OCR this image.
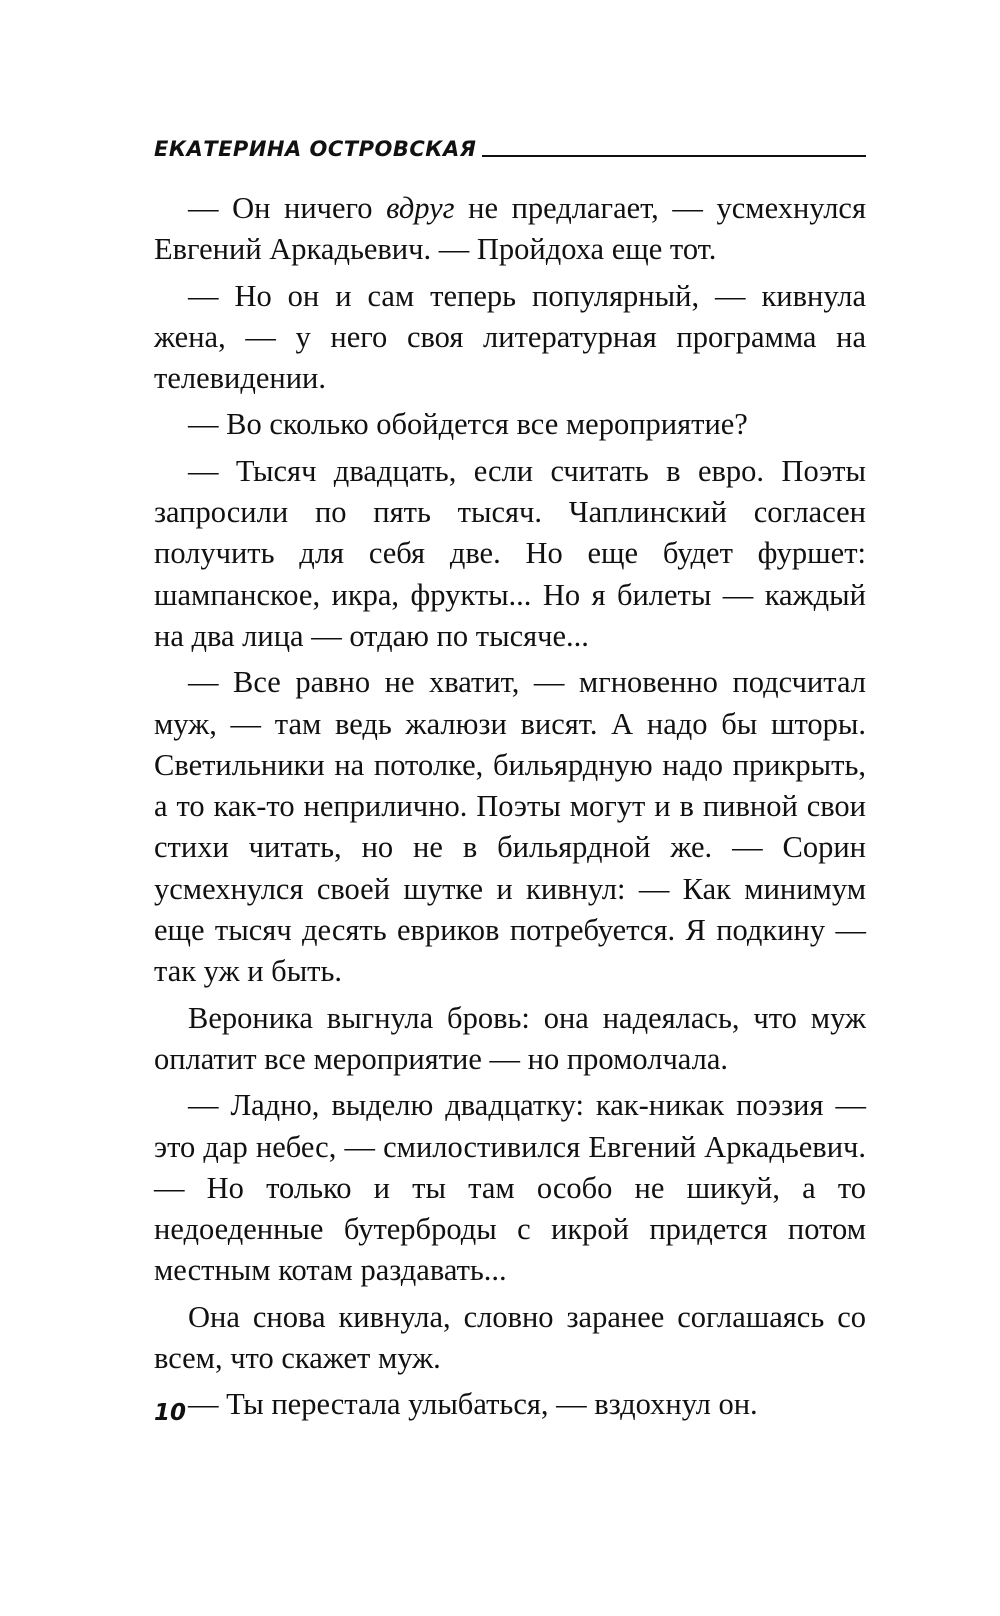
ЕКАТЕРИНА ОСТРОВСКАЯ

— Он ничего вдруг не предлагает, — усмехнулся Евгений Аркадьевич. — Пройдоха еще тот.

— Но он и сам теперь популярный, — кивнула жена, — у него своя литературная программа на телевидении.

— Во сколько обойдется все мероприятие?

— Тысяч двадцать, если считать в евро. Поэты запросили по пять тысяч. Чаплинский согласен получить для себя две. Но еще будет фуршет: шампанское, икра, фрукты... Но я билеты — каждый на два лица — отдаю по тысяче...

— Все равно не хватит, — мгновенно подсчитал муж, — там ведь жалюзи висят. А надо бы шторы. Светильники на потолке, бильярдную надо прикрыть, а то как-то неприлично. Поэты могут и в пивной свои стихи читать, но не в бильярдной же. — Сорин усмехнулся своей шутке и кивнул: — Как минимум еще тысяч десять евриков потребуется. Я подкину — так уж и быть.

Вероника выгнула бровь: она надеялась, что муж оплатит все мероприятие — но промолчала.

— Ладно, выделю двадцатку: как-никак поэзия — это дар небес, — смилостивился Евгений Аркадьевич. — Но только и ты там особо не шикуй, а то недоеденные бутерброды с икрой придется потом местным котам раздавать...

Она снова кивнула, словно заранее соглашаясь со всем, что скажет муж.

— Ты перестала улыбаться, — вздохнул он.

10
